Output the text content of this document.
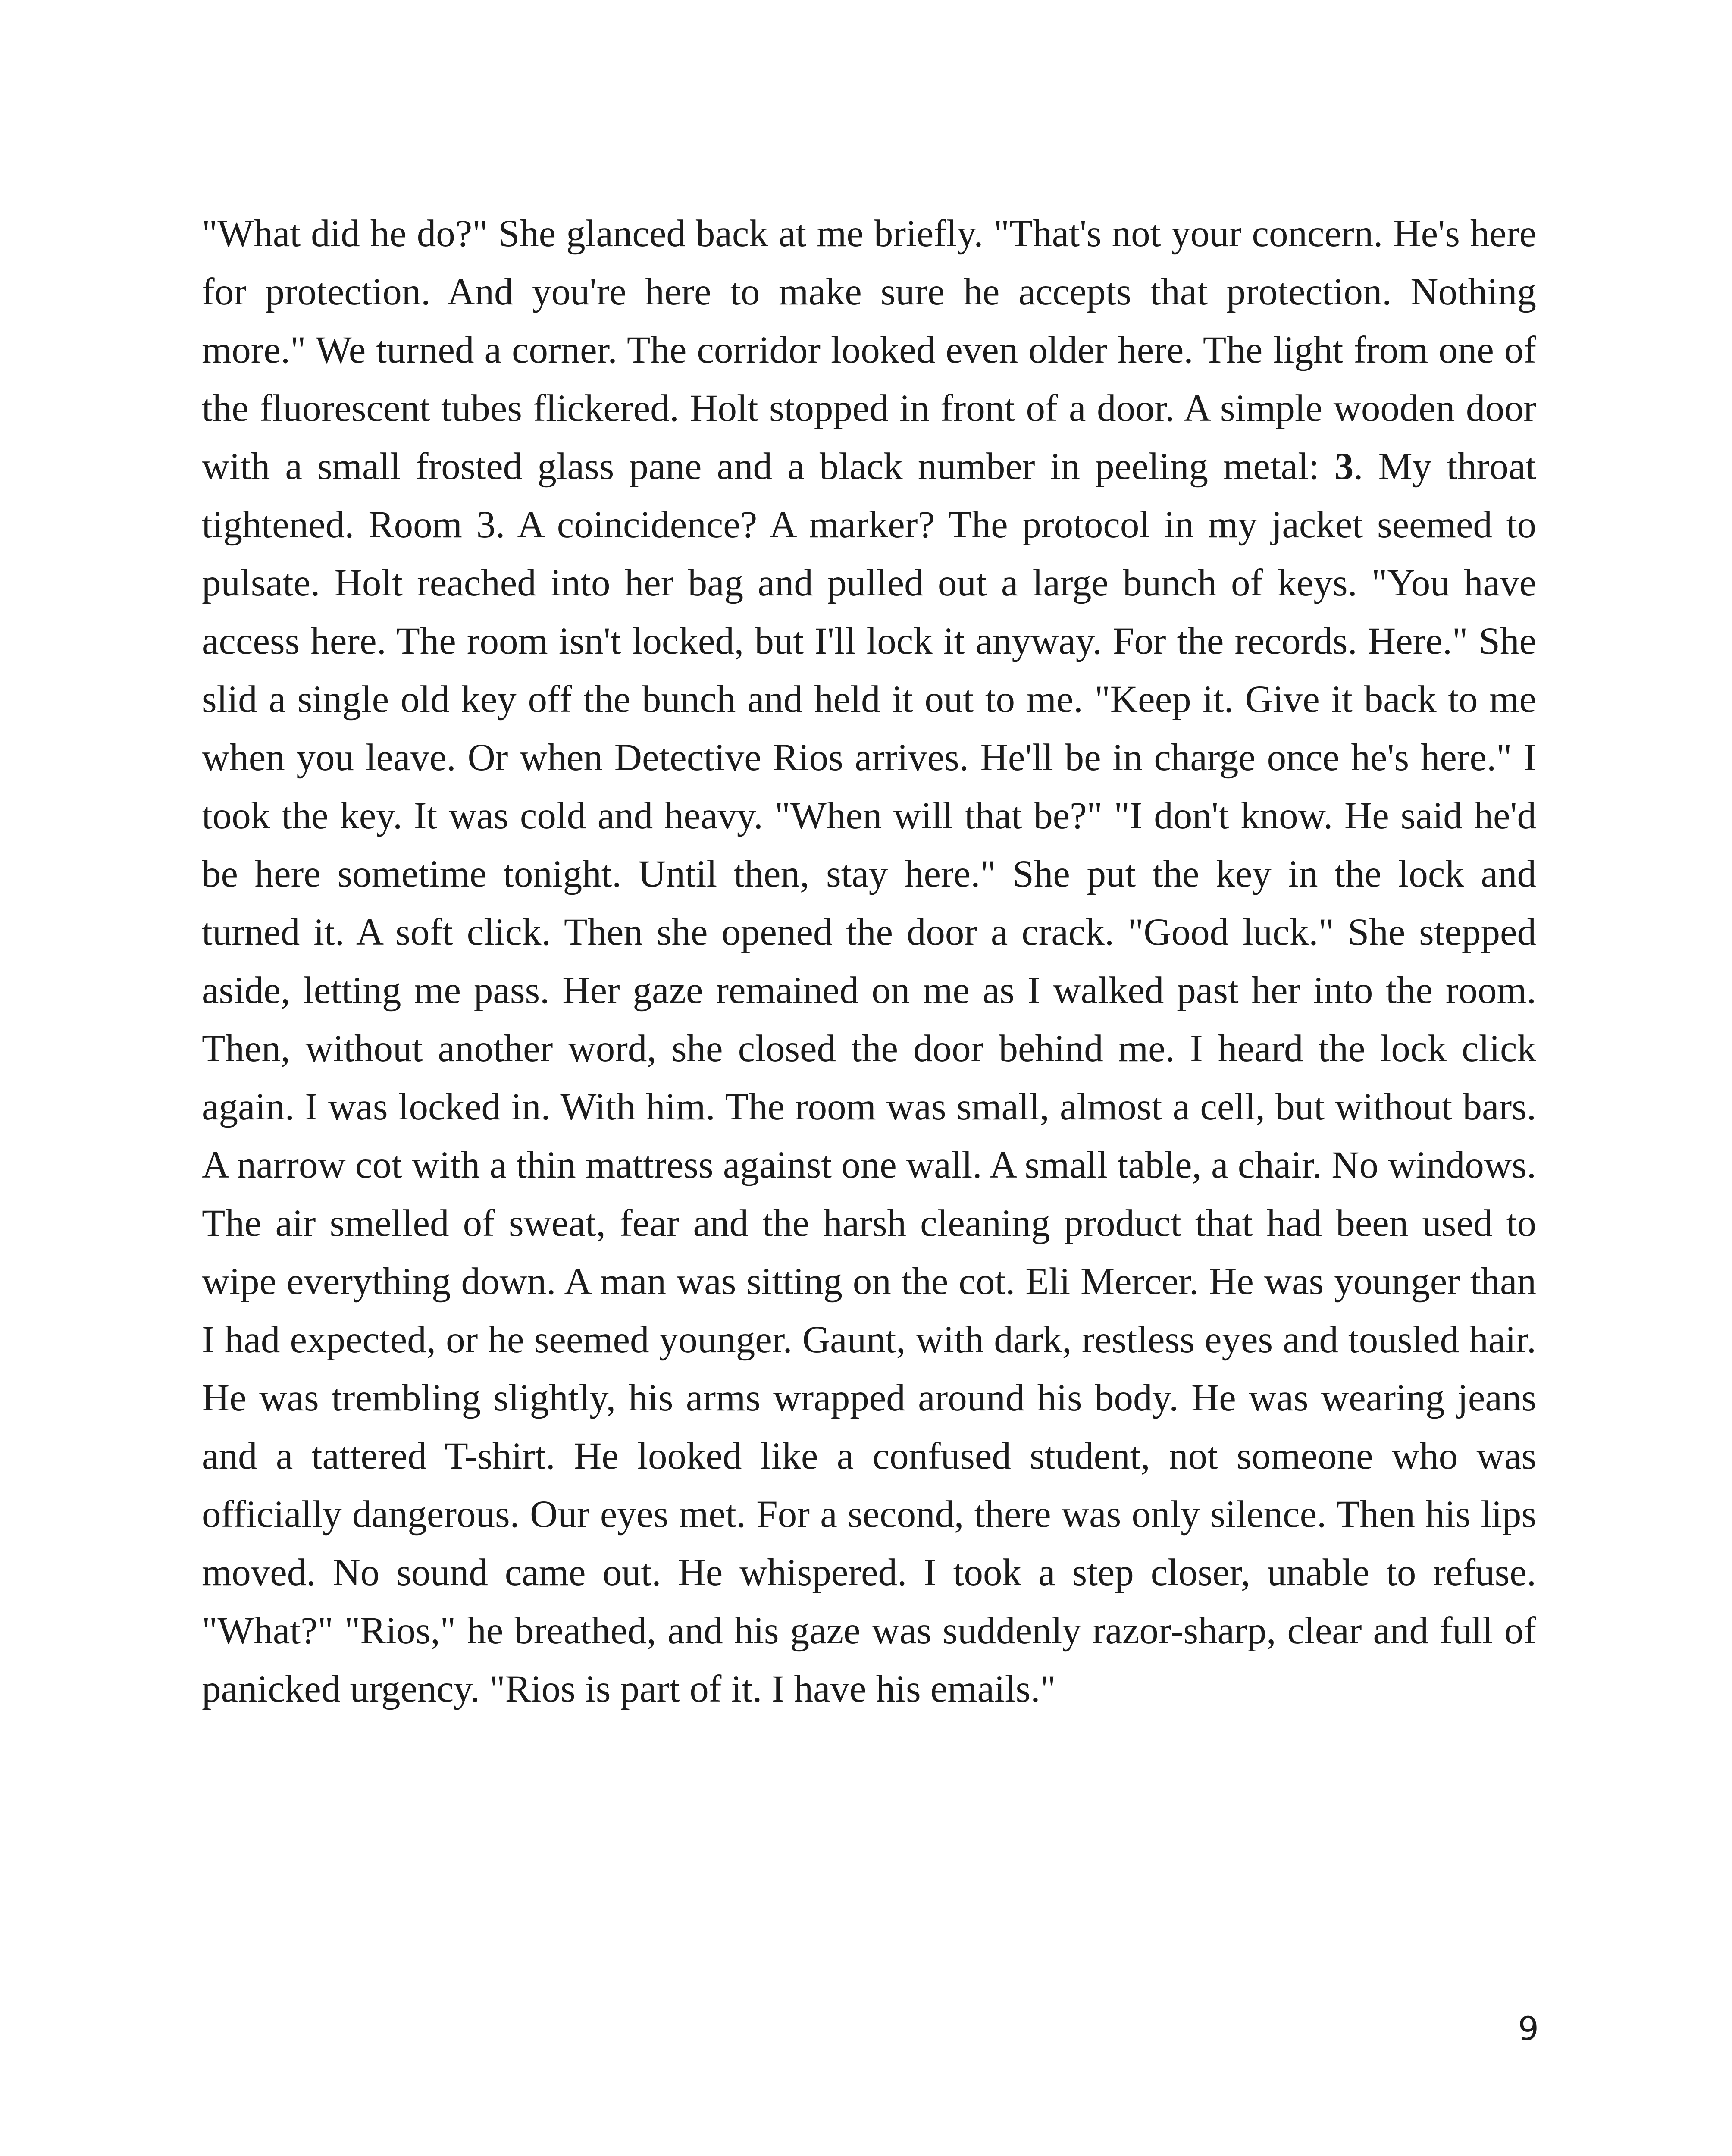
"What did he do?" She glanced back at me briefly. "That's not your concern. He's here for protection. And you're here to make sure he accepts that protection. Nothing more." We turned a corner. The corridor looked even older here. The light from one of the fluorescent tubes flickered. Holt stopped in front of a door. A simple wooden door with a small frosted glass pane and a black number in peeling metal: 3. My throat tightened. Room 3. A coincidence? A marker? The protocol in my jacket seemed to pulsate. Holt reached into her bag and pulled out a large bunch of keys. "You have access here. The room isn't locked, but I'll lock it anyway. For the records. Here." She slid a single old key off the bunch and held it out to me. "Keep it. Give it back to me when you leave. Or when Detective Rios arrives. He'll be in charge once he's here." I took the key. It was cold and heavy. "When will that be?" "I don't know. He said he'd be here sometime tonight. Until then, stay here." She put the key in the lock and turned it. A soft click. Then she opened the door a crack. "Good luck." She stepped aside, letting me pass. Her gaze remained on me as I walked past her into the room. Then, without another word, she closed the door behind me. I heard the lock click again. I was locked in. With him. The room was small, almost a cell, but without bars. A narrow cot with a thin mattress against one wall. A small table, a chair. No windows. The air smelled of sweat, fear and the harsh cleaning product that had been used to wipe everything down. A man was sitting on the cot. Eli Mercer. He was younger than I had expected, or he seemed younger. Gaunt, with dark, restless eyes and tousled hair. He was trembling slightly, his arms wrapped around his body. He was wearing jeans and a tattered T-shirt. He looked like a confused student, not someone who was officially dangerous. Our eyes met. For a second, there was only silence. Then his lips moved. No sound came out. He whispered. I took a step closer, unable to refuse. "What?" "Rios," he breathed, and his gaze was suddenly razor-sharp, clear and full of panicked urgency. "Rios is part of it. I have his emails."

9
